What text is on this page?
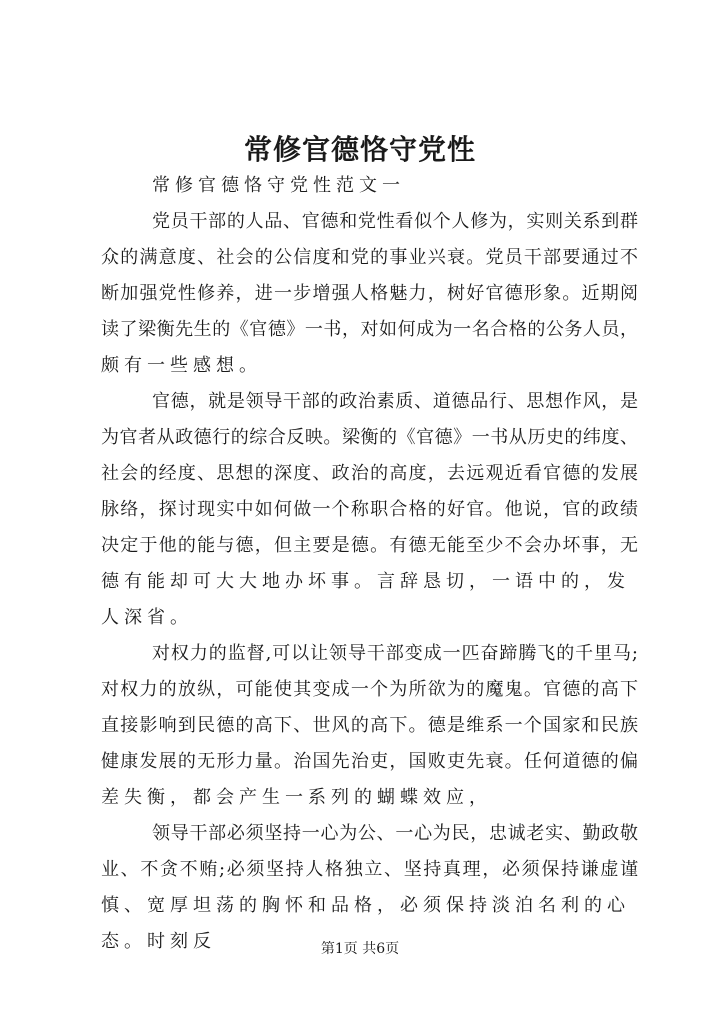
常修官德恪守党性
常修官德恪守党性范文一
党员干部的人品、官德和党性看似个人修为，实则关系到群
众的满意度、社会的公信度和党的事业兴衰。党员干部要通过不
断加强党性修养，进一步增强人格魅力，树好官德形象。近期阅
读了梁衡先生的《官德》一书，对如何成为一名合格的公务人员，
颇有一些感想。
官德，就是领导干部的政治素质、道德品行、思想作风，是
为官者从政德行的综合反映。梁衡的《官德》一书从历史的纬度、
社会的经度、思想的深度、政治的高度，去远观近看官德的发展
脉络，探讨现实中如何做一个称职合格的好官。他说，官的政绩
决定于他的能与德，但主要是德。有德无能至少不会办坏事，无
德有能却可大大地办坏事。言辞恳切，一语中的，发人深省。
对权力的监督,可以让领导干部变成一匹奋蹄腾飞的千里马;
对权力的放纵，可能使其变成一个为所欲为的魔鬼。官德的高下
直接影响到民德的高下、世风的高下。德是维系一个国家和民族
健康发展的无形力量。治国先治吏，国败吏先衰。任何道德的偏
差失衡，都会产生一系列的蝴蝶效应，
领导干部必须坚持一心为公、一心为民，忠诚老实、勤政敬
业、不贪不贿;必须坚持人格独立、坚持真理，必须保持谦虚谨
慎、宽厚坦荡的胸怀和品格，必须保持淡泊名利的心态。时刻反	第1页 共6页
